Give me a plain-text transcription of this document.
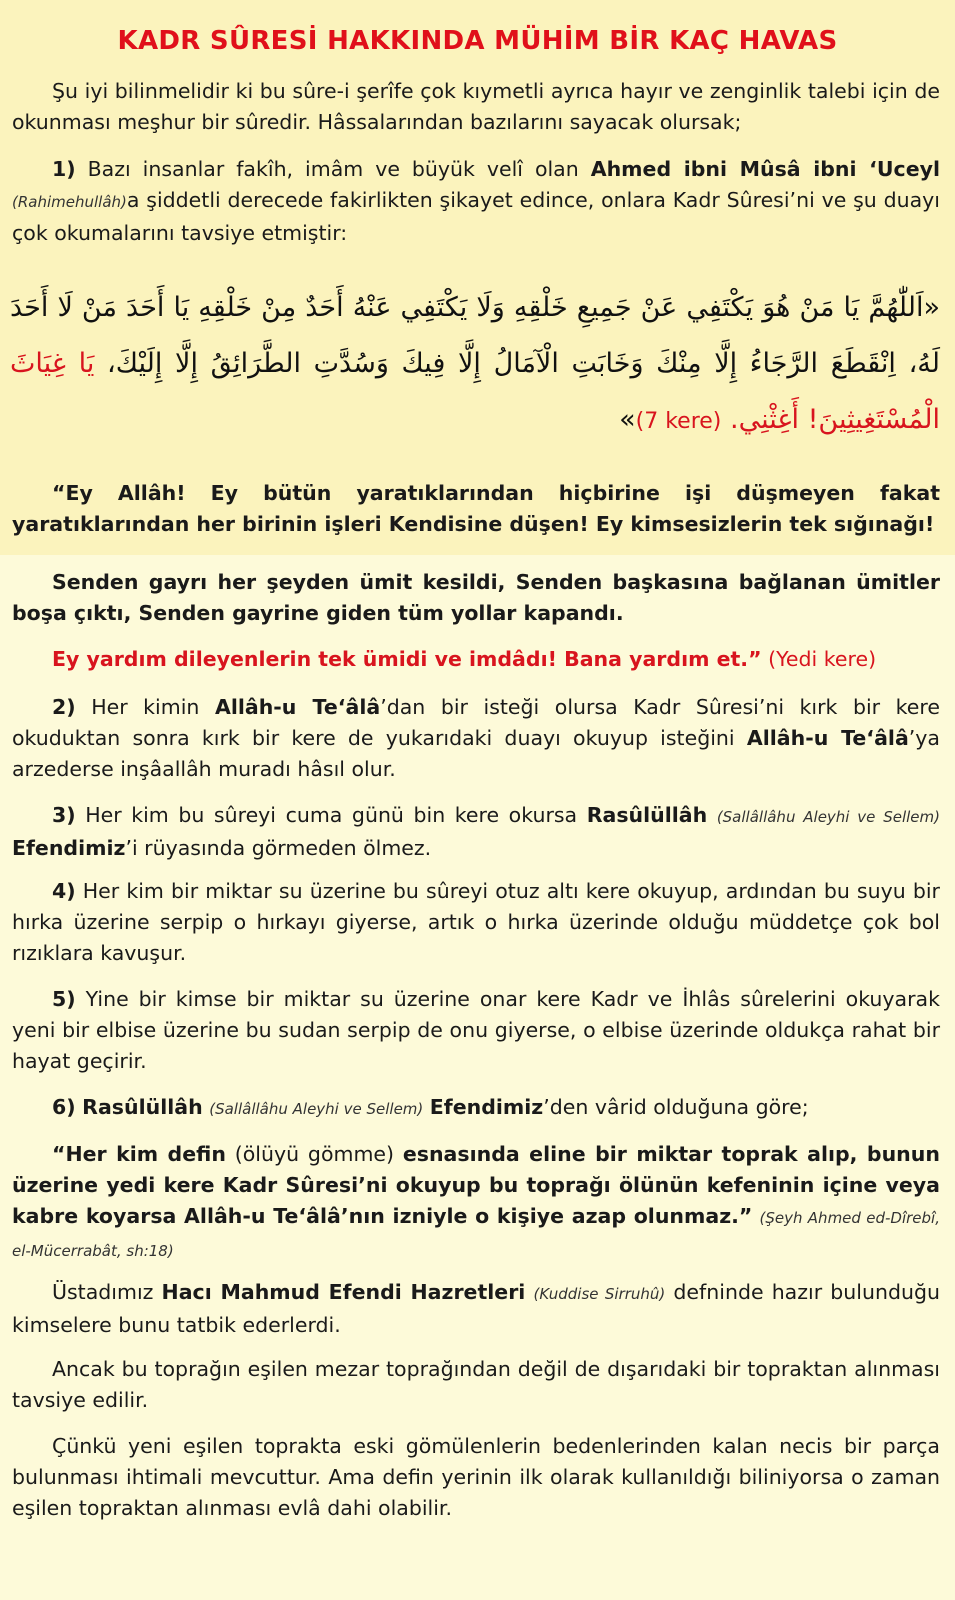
KADR SÛRESİ HAKKINDA MÜHİM BİR KAÇ HAVAS
Şu iyi bilinmelidir ki bu sûre-i şerîfe çok kıymetli ayrıca hayır ve zenginlik talebi için de okunması meşhur bir sûredir. Hâssalarından bazılarını sayacak olursak;
1) Bazı insanlar fakîh, imâm ve büyük velî olan Ahmed ibni Mûsâ ibni ‘Uceyl (Rahimehullâh)a şiddetli derecede fakirlikten şikayet edince, onlara Kadr Sûresi’ni ve şu duayı çok okumalarını tavsiye etmiştir:
«اَللّٰهُمَّ يَا مَنْ هُوَ يَكْتَفِي عَنْ جَمِيعِ خَلْقِهِ وَلَا يَكْتَفِي عَنْهُ أَحَدٌ مِنْ خَلْقِهِ يَا أَحَدَ مَنْ لَا أَحَدَ لَهُ، اِنْقَطَعَ الرَّجَاءُ إِلَّا مِنْكَ وَخَابَتِ الْآمَالُ إِلَّا فِيكَ وَسُدَّتِ الطَّرَائِقُ إِلَّا إِلَيْكَ، يَا غِيَاثَ الْمُسْتَغِيثِينَ! أَغِثْنِي. (7 kere)»
“Ey Allâh! Ey bütün yaratıklarından hiçbirine işi düşmeyen fakat yaratıklarından her birinin işleri Kendisine düşen! Ey kimsesizlerin tek sığınağı!
Senden gayrı her şeyden ümit kesildi, Senden başkasına bağlanan ümitler boşa çıktı, Senden gayrine giden tüm yollar kapandı.
Ey yardım dileyenlerin tek ümidi ve imdâdı! Bana yardım et.” (Yedi kere)
2) Her kimin Allâh-u Te‘âlâ’dan bir isteği olursa Kadr Sûresi’ni kırk bir kere okuduktan sonra kırk bir kere de yukarıdaki duayı okuyup isteğini Allâh-u Te‘âlâ’ya arzederse inşâallâh muradı hâsıl olur.
3) Her kim bu sûreyi cuma günü bin kere okursa Rasûlüllâh (Sallâllâhu Aleyhi ve Sellem) Efendimiz’i rüyasında görmeden ölmez.
4) Her kim bir miktar su üzerine bu sûreyi otuz altı kere okuyup, ardından bu suyu bir hırka üzerine serpip o hırkayı giyerse, artık o hırka üzerinde olduğu müddetçe çok bol rızıklara kavuşur.
5) Yine bir kimse bir miktar su üzerine onar kere Kadr ve İhlâs sûrelerini okuyarak yeni bir elbise üzerine bu sudan serpip de onu giyerse, o elbise üzerinde oldukça rahat bir hayat geçirir.
6) Rasûlüllâh (Sallâllâhu Aleyhi ve Sellem) Efendimiz’den vârid olduğuna göre;
“Her kim defin (ölüyü gömme) esnasında eline bir miktar toprak alıp, bunun üzerine yedi kere Kadr Sûresi’ni okuyup bu toprağı ölünün kefeninin içine veya kabre koyarsa Allâh-u Te‘âlâ’nın izniyle o kişiye azap olunmaz.” (Şeyh Ahmed ed-Dîrebî, el-Mücerrabât, sh:18)
Üstadımız Hacı Mahmud Efendi Hazretleri (Kuddise Sirruhû) defninde hazır bulunduğu kimselere bunu tatbik ederlerdi.
Ancak bu toprağın eşilen mezar toprağından değil de dışarıdaki bir topraktan alınması tavsiye edilir.
Çünkü yeni eşilen toprakta eski gömülenlerin bedenlerinden kalan necis bir parça bulunması ihtimali mevcuttur. Ama defin yerinin ilk olarak kullanıldığı biliniyorsa o zaman eşilen topraktan alınması evlâ dahi olabilir.
